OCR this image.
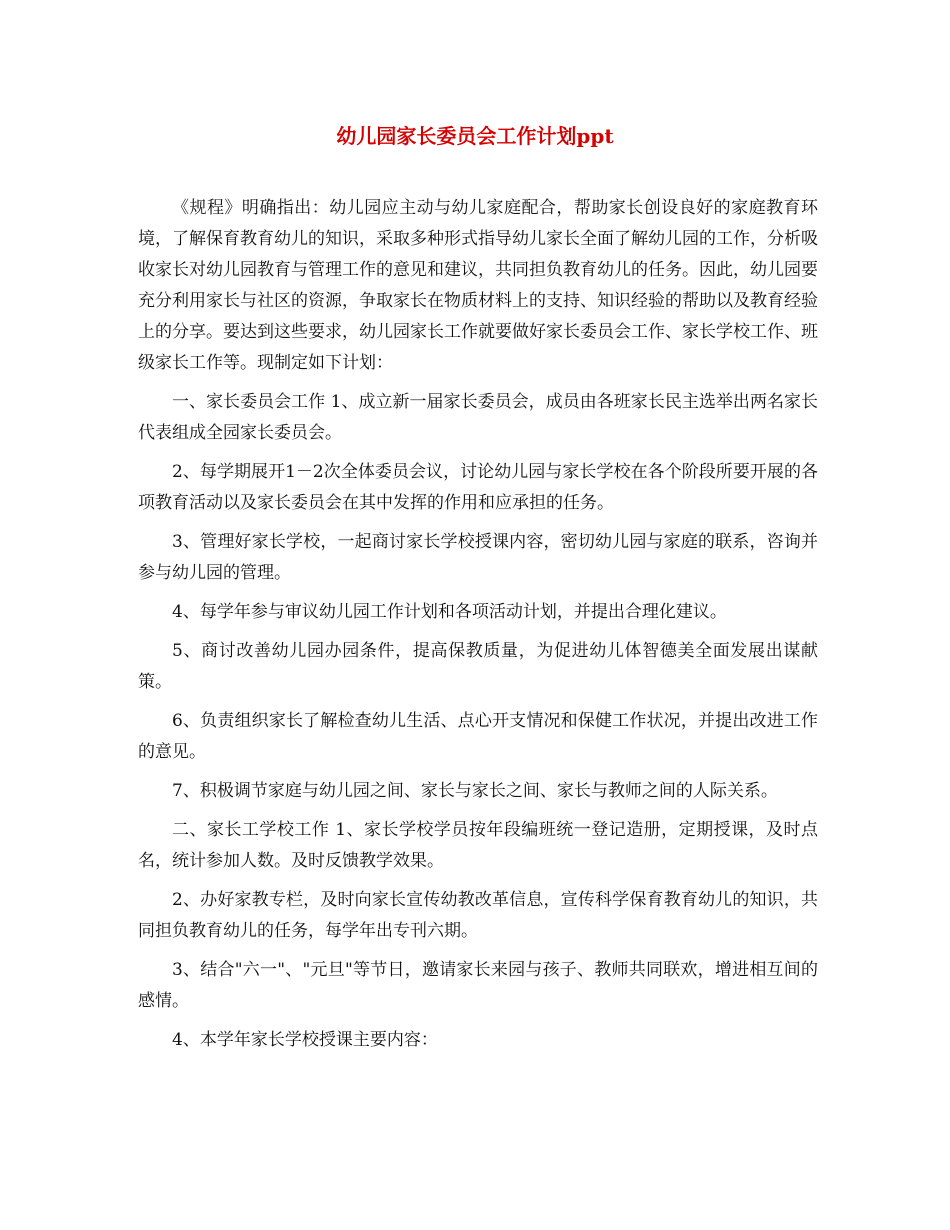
幼儿园家长委员会工作计划ppt

《规程》明确指出：幼儿园应主动与幼儿家庭配合，帮助家长创设良好的家庭教育环境，了解保育教育幼儿的知识，采取多种形式指导幼儿家长全面了解幼儿园的工作，分析吸收家长对幼儿园教育与管理工作的意见和建议，共同担负教育幼儿的任务。因此，幼儿园要充分利用家长与社区的资源，争取家长在物质材料上的支持、知识经验的帮助以及教育经验上的分享。要达到这些要求，幼儿园家长工作就要做好家长委员会工作、家长学校工作、班级家长工作等。现制定如下计划：

一、家长委员会工作 1、成立新一届家长委员会，成员由各班家长民主选举出两名家长代表组成全园家长委员会。

2、每学期展开1－2次全体委员会议，讨论幼儿园与家长学校在各个阶段所要开展的各项教育活动以及家长委员会在其中发挥的作用和应承担的任务。

3、管理好家长学校，一起商讨家长学校授课内容，密切幼儿园与家庭的联系，咨询并参与幼儿园的管理。

4、每学年参与审议幼儿园工作计划和各项活动计划，并提出合理化建议。

5、商讨改善幼儿园办园条件，提高保教质量，为促进幼儿体智德美全面发展出谋献策。

6、负责组织家长了解检查幼儿生活、点心开支情况和保健工作状况，并提出改进工作的意见。

7、积极调节家庭与幼儿园之间、家长与家长之间、家长与教师之间的人际关系。

二、家长工学校工作 1、家长学校学员按年段编班统一登记造册，定期授课，及时点名，统计参加人数。及时反馈教学效果。

2、办好家教专栏，及时向家长宣传幼教改革信息，宣传科学保育教育幼儿的知识，共同担负教育幼儿的任务，每学年出专刊六期。

3、结合"六一"、"元旦"等节日，邀请家长来园与孩子、教师共同联欢，增进相互间的感情。

4、本学年家长学校授课主要内容：
